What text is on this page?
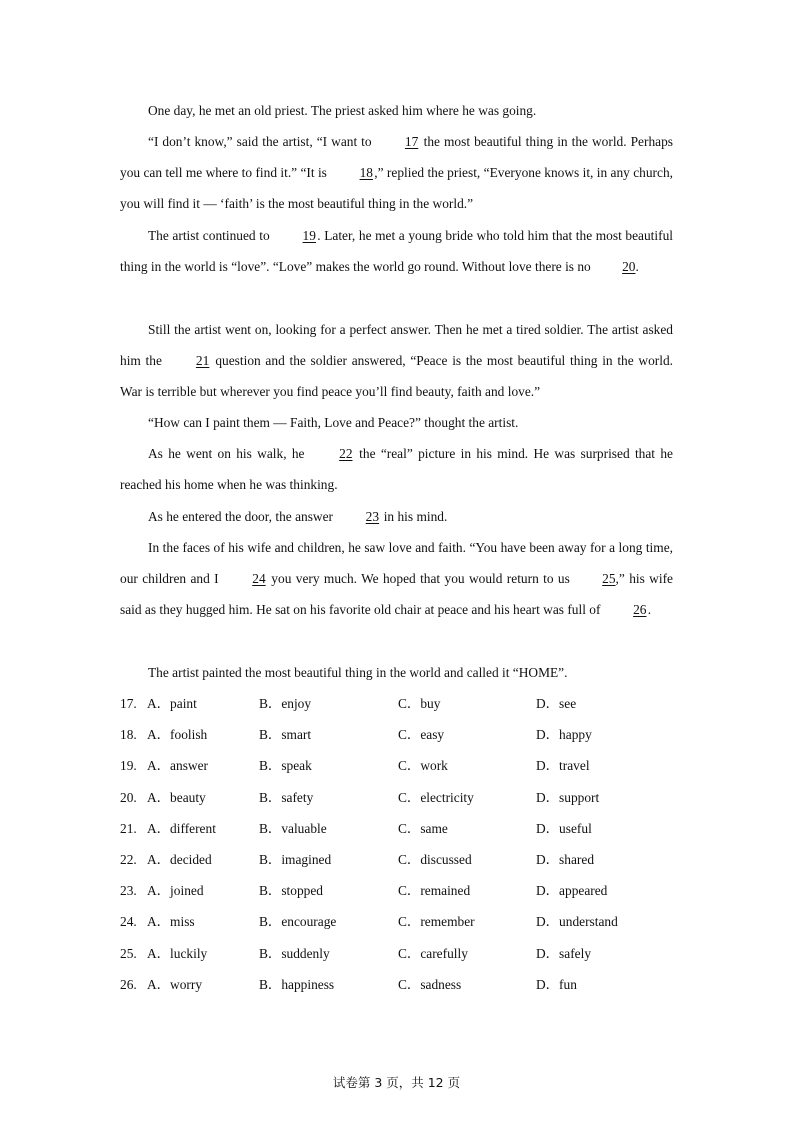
One day, he met an old priest. The priest asked him where he was going.

“I don’t know,” said the artist, “I want to 17 the most beautiful thing in the world. Perhaps you can tell me where to find it.” “It is 18,” replied the priest, “Everyone knows it, in any church, you will find it — ‘faith’ is the most beautiful thing in the world.”

The artist continued to 19. Later, he met a young bride who told him that the most beautiful thing in the world is “love”. “Love” makes the world go round. Without love there is no 20.

Still the artist went on, looking for a perfect answer. Then he met a tired soldier. The artist asked him the 21 question and the soldier answered, “Peace is the most beautiful thing in the world. War is terrible but wherever you find peace you’ll find beauty, faith and love.”

“How can I paint them — Faith, Love and Peace?” thought the artist.

As he went on his walk, he 22 the “real” picture in his mind. He was surprised that he reached his home when he was thinking.

As he entered the door, the answer 23 in his mind.

In the faces of his wife and children, he saw love and faith. “You have been away for a long time, our children and I 24 you very much. We hoped that you would return to us 25,” his wife said as they hugged him. He sat on his favorite old chair at peace and his heart was full of 26.

The artist painted the most beautiful thing in the world and called it “HOME”.

17. A．paint	B．enjoy	C．buy	D．see
18. A．foolish	B．smart	C．easy	D．happy
19. A．answer	B．speak	C．work	D．travel
20. A．beauty	B．safety	C．electricity	D．support
21. A．different	B．valuable	C．same	D．useful
22. A．decided	B．imagined	C．discussed	D．shared
23. A．joined	B．stopped	C．remained	D．appeared
24. A．miss	B．encourage	C．remember	D．understand
25. A．luckily	B．suddenly	C．carefully	D．safely
26. A．worry	B．happiness	C．sadness	D．fun
试卷第 3 页，共 12 页
